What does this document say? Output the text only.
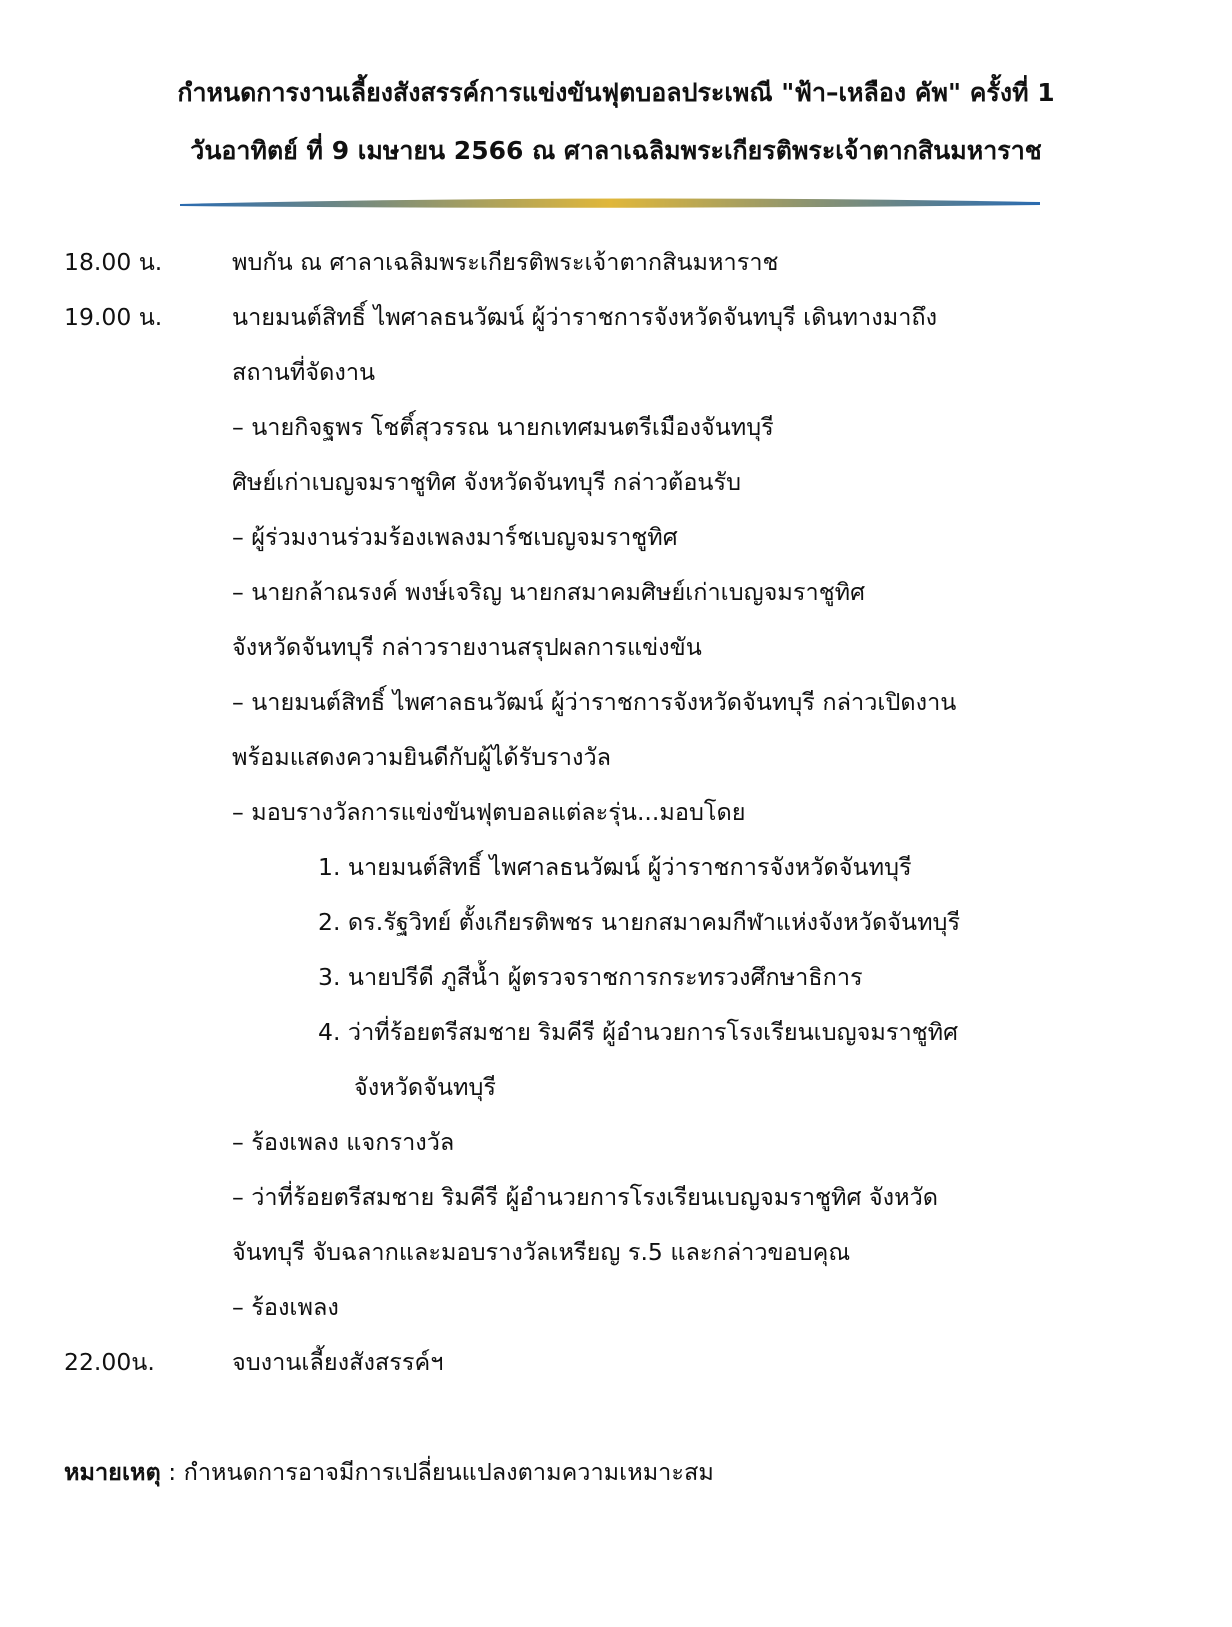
กำหนดการงานเลี้ยงสังสรรค์การแข่งขันฟุตบอลประเพณี "ฟ้า–เหลือง คัพ" ครั้งที่ 1
วันอาทิตย์ ที่ 9 เมษายน 2566 ณ ศาลาเฉลิมพระเกียรติพระเจ้าตากสินมหาราช
18.00 น.	พบกัน ณ ศาลาเฉลิมพระเกียรติพระเจ้าตากสินมหาราช
19.00 น.	นายมนต์สิทธิ์ ไพศาลธนวัฒน์ ผู้ว่าราชการจังหวัดจันทบุรี เดินทางมาถึง
สถานที่จัดงาน
– นายกิจฐพร โชติ์สุวรรณ นายกเทศมนตรีเมืองจันทบุรี
ศิษย์เก่าเบญจมราชูทิศ จังหวัดจันทบุรี กล่าวต้อนรับ
– ผู้ร่วมงานร่วมร้องเพลงมาร์ชเบญจมราชูทิศ
– นายกล้าณรงค์ พงษ์เจริญ นายกสมาคมศิษย์เก่าเบญจมราชูทิศ
จังหวัดจันทบุรี กล่าวรายงานสรุปผลการแข่งขัน
– นายมนต์สิทธิ์ ไพศาลธนวัฒน์ ผู้ว่าราชการจังหวัดจันทบุรี กล่าวเปิดงาน
พร้อมแสดงความยินดีกับผู้ได้รับรางวัล
– มอบรางวัลการแข่งขันฟุตบอลแต่ละรุ่น...มอบโดย
1. นายมนต์สิทธิ์ ไพศาลธนวัฒน์ ผู้ว่าราชการจังหวัดจันทบุรี
2. ดร.รัฐวิทย์ ตั้งเกียรติพชร นายกสมาคมกีฬาแห่งจังหวัดจันทบุรี
3. นายปรีดี ภูสีน้ำ ผู้ตรวจราชการกระทรวงศึกษาธิการ
4. ว่าที่ร้อยตรีสมชาย ริมคีรี ผู้อำนวยการโรงเรียนเบญจมราชูทิศ
จังหวัดจันทบุรี
– ร้องเพลง แจกรางวัล
– ว่าที่ร้อยตรีสมชาย ริมคีรี ผู้อำนวยการโรงเรียนเบญจมราชูทิศ จังหวัด
จันทบุรี จับฉลากและมอบรางวัลเหรียญ ร.5 และกล่าวขอบคุณ
– ร้องเพลง
22.00น.	จบงานเลี้ยงสังสรรค์ฯ
หมายเหตุ : กำหนดการอาจมีการเปลี่ยนแปลงตามความเหมาะสม
